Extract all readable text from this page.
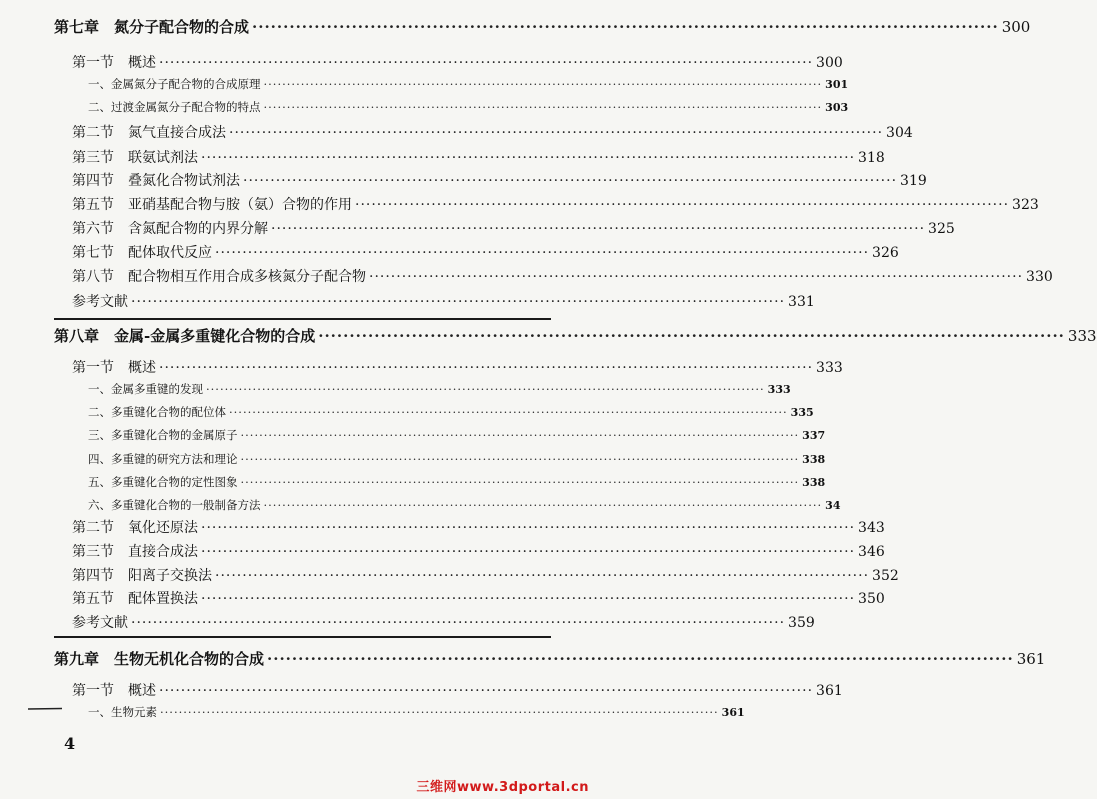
第七章　氮分子配合物的合成 ························································································································ 300
第一节　概述 ························································································································ 300
一、金属氮分子配合物的合成原理 ························································································································ 301
二、过渡金属氮分子配合物的特点 ························································································································ 303
第二节　氮气直接合成法 ························································································································ 304
第三节　联氨试剂法 ························································································································ 318
第四节　叠氮化合物试剂法 ························································································································ 319
第五节　亚硝基配合物与胺（氨）合物的作用 ························································································································ 323
第六节　含氮配合物的内界分解 ························································································································ 325
第七节　配体取代反应 ························································································································ 326
第八节　配合物相互作用合成多核氮分子配合物 ························································································································ 330
参考文献 ························································································································ 331
第八章　金属-金属多重键化合物的合成 ························································································································ 333
第一节　概述 ························································································································ 333
一、金属多重键的发现 ························································································································ 333
二、多重键化合物的配位体 ························································································································ 335
三、多重键化合物的金属原子 ························································································································ 337
四、多重键的研究方法和理论 ························································································································ 338
五、多重键化合物的定性图象 ························································································································ 338
六、多重键化合物的一般制备方法 ························································································································ 34
第二节　氧化还原法 ························································································································ 343
第三节　直接合成法 ························································································································ 346
第四节　阳离子交换法 ························································································································ 352
第五节　配体置换法 ························································································································ 350
参考文献 ························································································································ 359
第九章　生物无机化合物的合成 ························································································································ 361
第一节　概述 ························································································································ 361
一、生物元素 ························································································································ 361
4
三维网www.3dportal.cn
